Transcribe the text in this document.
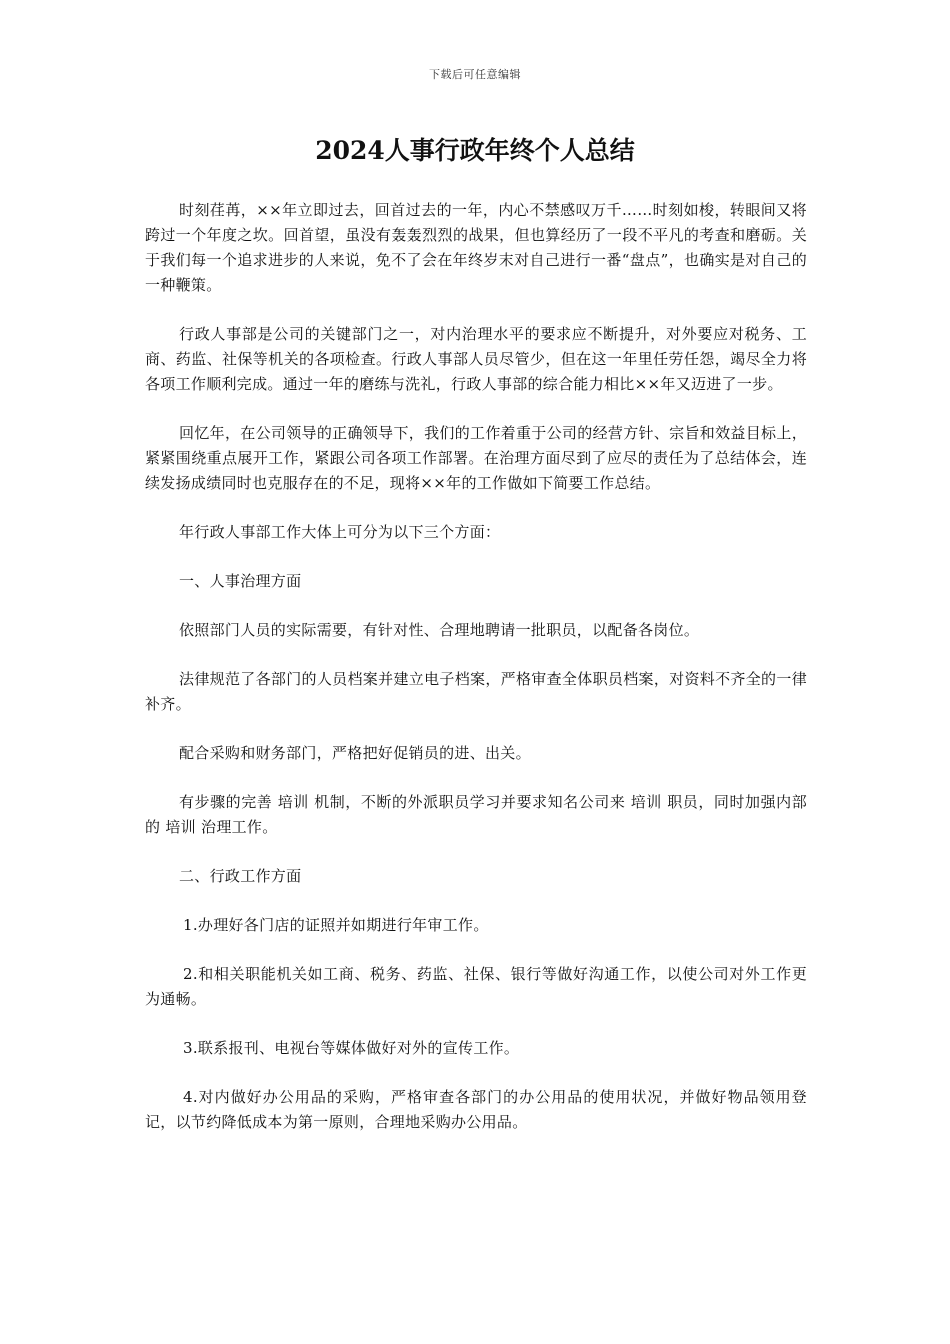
下载后可任意编辑
2024人事行政年终个人总结

时刻荏苒，××年立即过去，回首过去的一年，内心不禁感叹万千……时刻如梭，转眼间又将跨过一个年度之坎。回首望，虽没有轰轰烈烈的战果，但也算经历了一段不平凡的考查和磨砺。关于我们每一个追求进步的人来说，免不了会在年终岁末对自己进行一番“盘点”，也确实是对自己的一种鞭策。

行政人事部是公司的关键部门之一，对内治理水平的要求应不断提升，对外要应对税务、工商、药监、社保等机关的各项检查。行政人事部人员尽管少，但在这一年里任劳任怨，竭尽全力将各项工作顺利完成。通过一年的磨练与洗礼，行政人事部的综合能力相比××年又迈进了一步。

回忆年，在公司领导的正确领导下，我们的工作着重于公司的经营方针、宗旨和效益目标上，紧紧围绕重点展开工作，紧跟公司各项工作部署。在治理方面尽到了应尽的责任为了总结体会，连续发扬成绩同时也克服存在的不足，现将××年的工作做如下简要工作总结。

年行政人事部工作大体上可分为以下三个方面：

一、人事治理方面

依照部门人员的实际需要，有针对性、合理地聘请一批职员，以配备各岗位。

法律规范了各部门的人员档案并建立电子档案，严格审查全体职员档案，对资料不齐全的一律补齐。

配合采购和财务部门，严格把好促销员的进、出关。

有步骤的完善 培训 机制，不断的外派职员学习并要求知名公司来 培训 职员，同时加强内部的 培训 治理工作。

二、行政工作方面

1.办理好各门店的证照并如期进行年审工作。

2.和相关职能机关如工商、税务、药监、社保、银行等做好沟通工作，以使公司对外工作更为通畅。

3.联系报刊、电视台等媒体做好对外的宣传工作。

4.对内做好办公用品的采购，严格审查各部门的办公用品的使用状况，并做好物品领用登记，以节约降低成本为第一原则，合理地采购办公用品。
